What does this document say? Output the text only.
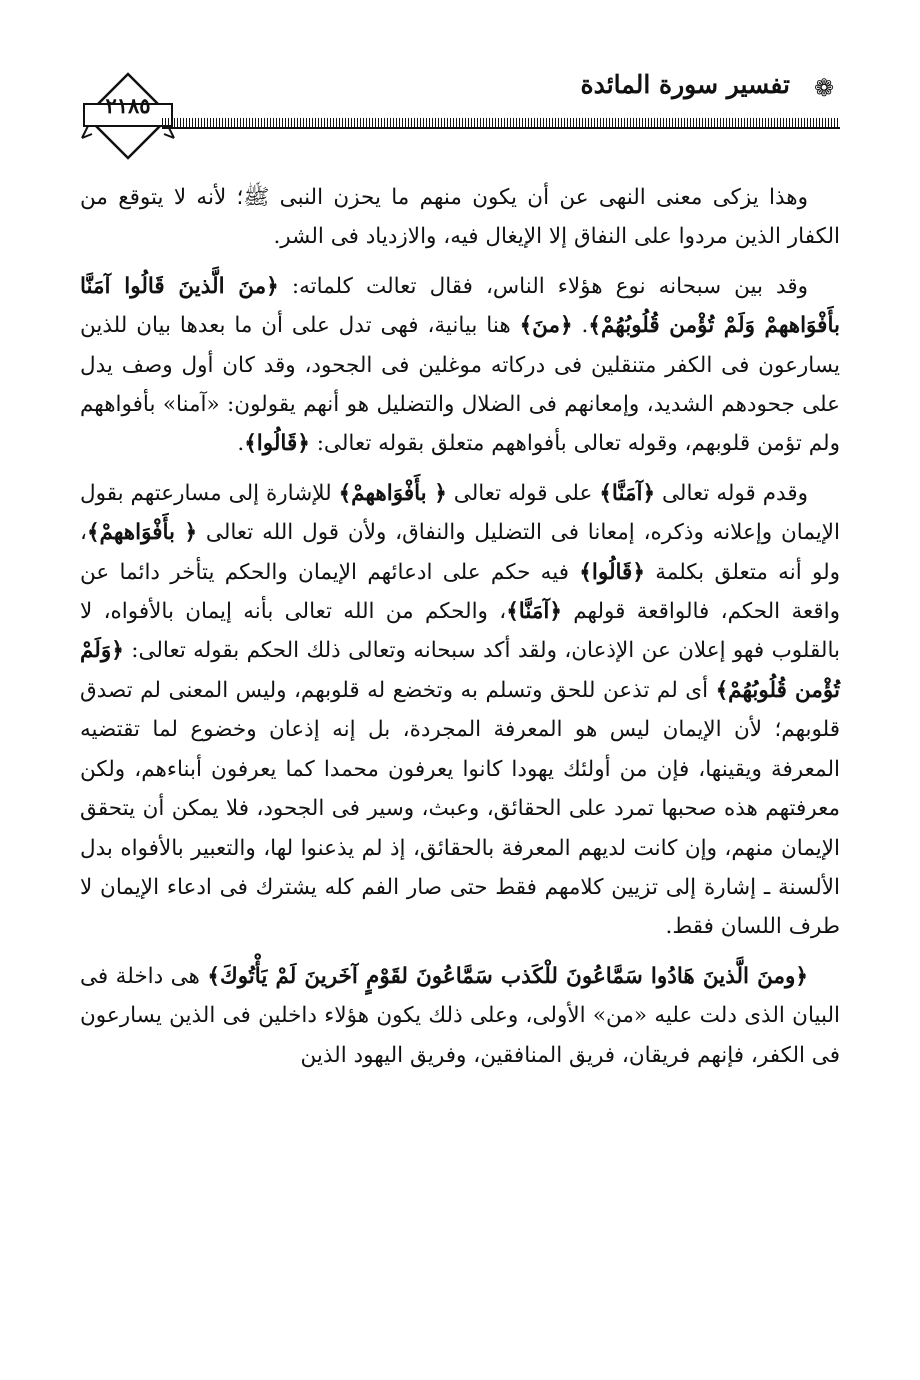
٢١٨٥
تفسير سورة المائدة ❁

وهذا يزكى معنى النهى عن أن يكون منهم ما يحزن النبى ﷺ؛ لأنه لا يتوقع من الكفار الذين مردوا على النفاق إلا الإيغال فيه، والازدياد فى الشر.

وقد بين سبحانه نوع هؤلاء الناس، فقال تعالت كلماته: ﴿منَ الَّذينَ قَالُوا آمَنَّا بأَفْوَاههمْ وَلَمْ تُؤْمن قُلُوبُهُمْ﴾. ﴿منَ﴾ هنا بيانية، فهى تدل على أن ما بعدها بيان للذين يسارعون فى الكفر متنقلين فى دركاته موغلين فى الجحود، وقد كان أول وصف يدل على جحودهم الشديد، وإمعانهم فى الضلال والتضليل هو أنهم يقولون: «آمنا» بأفواههم ولم تؤمن قلوبهم، وقوله تعالى بأفواههم متعلق بقوله تعالى: ﴿قَالُوا﴾.

وقدم قوله تعالى ﴿آمَنَّا﴾ على قوله تعالى ﴿ بأَفْوَاههمْ﴾ للإشارة إلى مسارعتهم بقول الإيمان وإعلانه وذكره، إمعانا فى التضليل والنفاق، ولأن قول الله تعالى ﴿ بأَفْوَاههمْ﴾، ولو أنه متعلق بكلمة ﴿قَالُوا﴾ فيه حكم على ادعائهم الإيمان والحكم يتأخر دائما عن واقعة الحكم، فالواقعة قولهم ﴿آمَنَّا﴾، والحكم من الله تعالى بأنه إيمان بالأفواه، لا بالقلوب فهو إعلان عن الإذعان، ولقد أكد سبحانه وتعالى ذلك الحكم بقوله تعالى: ﴿وَلَمْ تُؤْمن قُلُوبُهُمْ﴾ أى لم تذعن للحق وتسلم به وتخضع له قلوبهم، وليس المعنى لم تصدق قلوبهم؛ لأن الإيمان ليس هو المعرفة المجردة، بل إنه إذعان وخضوع لما تقتضيه المعرفة ويقينها، فإن من أولئك يهودا كانوا يعرفون محمدا كما يعرفون أبناءهم، ولكن معرفتهم هذه صحبها تمرد على الحقائق، وعبث، وسير فى الجحود، فلا يمكن أن يتحقق الإيمان منهم، وإن كانت لديهم المعرفة بالحقائق، إذ لم يذعنوا لها، والتعبير بالأفواه بدل الألسنة ـ إشارة إلى تزيين كلامهم فقط حتى صار الفم كله يشترك فى ادعاء الإيمان لا طرف اللسان فقط.

﴿ومنَ الَّذينَ هَادُوا سَمَّاعُونَ للْكَذب سَمَّاعُونَ لقَوْمٍ آخَرينَ لَمْ يَأْتُوكَ﴾ هى داخلة فى البيان الذى دلت عليه «من» الأولى، وعلى ذلك يكون هؤلاء داخلين فى الذين يسارعون فى الكفر، فإنهم فريقان، فريق المنافقين، وفريق اليهود الذين
